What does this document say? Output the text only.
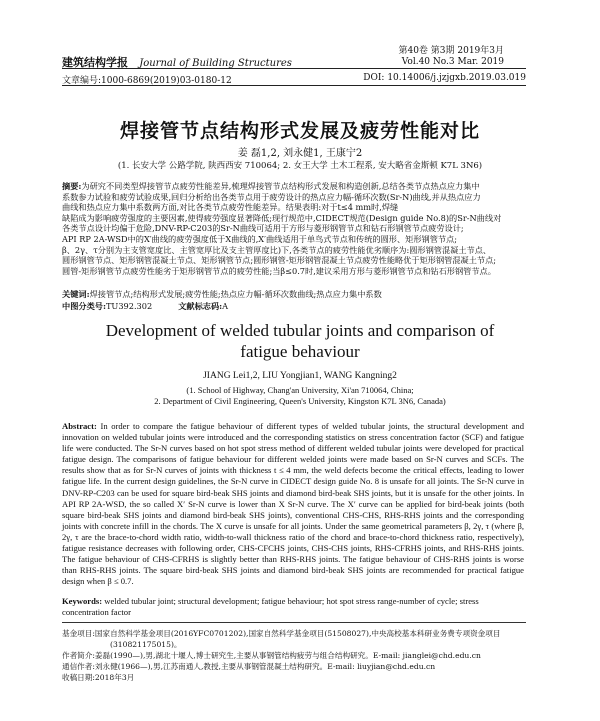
建筑结构学报 Journal of Building Structures
第40卷 第3期 2019年3月
Vol.40 No.3 Mar. 2019
文章编号:1000-6869(2019)03-0180-12	DOI: 10.14006/j.jzjgxb.2019.03.019
焊接管节点结构形式发展及疲劳性能对比
姜 磊1,2, 刘永健1, 王康宁2
(1. 长安大学 公路学院, 陕西西安 710064; 2. 女王大学 土木工程系, 安大略省金斯顿 K7L 3N6)
摘要:为研究不同类型焊接管节点疲劳性能差异,梳理焊接管节点结构形式发展和构造创新,总结各类节点热点应力集中
系数参力试验和疲劳试验成果,回归分析给出各类节点用于疲劳设计的热点应力幅-循环次数(Sr-N)曲线,并从热点应力
曲线和热点应力集中系数两方面,对比各类节点疲劳性能差异。结果表明:对于t≤4 mm时,焊缝
缺陷成为影响疲劳强度的主要因素,使得疲劳强度显著降低;现行规范中,CIDECT规范(Design guide No.8)的Sr-N曲线对
各类节点设计均偏于危险,DNV-RP-C203的Sr-N曲线可适用于方形与菱形钢管节点和钻石形钢管节点疲劳设计;
API RP 2A-WSD中的X′曲线的疲劳强度低于X曲线的,X′曲线适用于单鸟式节点和传统的圆形、矩形钢管节点;
β、2γ、τ分别为主支管宽度比、主管宽厚比及支主管厚度比)下,各类节点的疲劳性能优劣顺序为:圆形钢管混凝土节点、
圆形钢管节点、矩形钢管混凝土节点、矩形钢管节点;圆形钢管-矩形钢管混凝土节点疲劳性能略优于矩形钢管混凝土节点;
圆管-矩形钢管节点疲劳性能劣于矩形钢管节点的疲劳性能;当β≤0.7时,建议采用方形与菱形钢管节点和钻石形钢管节点。
关键词:焊接管节点;结构形式发展;疲劳性能;热点应力幅-循环次数曲线;热点应力集中系数
中图分类号:TU392.302	文献标志码:A
Development of welded tubular joints and comparison of
fatigue behaviour
JIANG Lei1,2, LIU Yongjian1, WANG Kangning2
(1. School of Highway, Chang'an University, Xi'an 710064, China;
2. Department of Civil Engineering, Queen's University, Kingston K7L 3N6, Canada)
Abstract: In order to compare the fatigue behaviour of different types of welded tubular joints, the structural development and innovation on welded tubular joints were introduced and the corresponding statistics on stress concentration factor (SCF) and fatigue life were conducted. The Sr-N curves based on hot spot stress method of different welded tubular joints were developed for practical fatigue design. The comparisons of fatigue behaviour for different welded joints were made based on Sr-N curves and SCFs. The results show that as for Sr-N curves of joints with thickness t ≤ 4 mm, the weld defects become the critical effects, leading to lower fatigue life. In the current design guidelines, the Sr-N curve in CIDECT design guide No. 8 is unsafe for all joints. The Sr-N curve in DNV-RP-C203 can be used for square bird-beak SHS joints and diamond bird-beak SHS joints, but it is unsafe for the other joints. In API RP 2A-WSD, the so called X′ Sr-N curve is lower than X Sr-N curve. The X′ curve can be applied for bird-beak joints (both square bird-beak SHS joints and diamond bird-beak SHS joints), conventional CHS-CHS, RHS-RHS joints and the corresponding joints with concrete infill in the chords. The X curve is unsafe for all joints. Under the same geometrical parameters β, 2γ, τ (where β, 2γ, τ are the brace-to-chord width ratio, width-to-wall thickness ratio of the chord and brace-to-chord thickness ratio, respectively), fatigue resistance decreases with following order, CHS-CFCHS joints, CHS-CHS joints, RHS-CFRHS joints, and RHS-RHS joints. The fatigue behaviour of CHS-CFRHS is slightly better than RHS-RHS joints. The fatigue behaviour of CHS-RHS joints is worse than RHS-RHS joints. The square bird-beak SHS joints and diamond bird-beak SHS joints are recommended for practical fatigue design when β ≤ 0.7.
Keywords: welded tubular joint; structural development; fatigue behaviour; hot spot stress range-number of cycle; stress concentration factor
基金项目:国家自然科学基金项目(2016YFC0701202),国家自然科学基金项目(51508027),中央高校基本科研业务费专项资金项目
(310821175015)。
作者简介:姜磊(1990—),男,湖北十堰人,博士研究生,主要从事钢管结构疲劳与组合结构研究。E-mail: jianglei@chd.edu.cn
通信作者:刘永健(1966—),男,江苏南通人,教授,主要从事钢管混凝土结构研究。E-mail: liuyjian@chd.edu.cn
收稿日期:2018年3月
